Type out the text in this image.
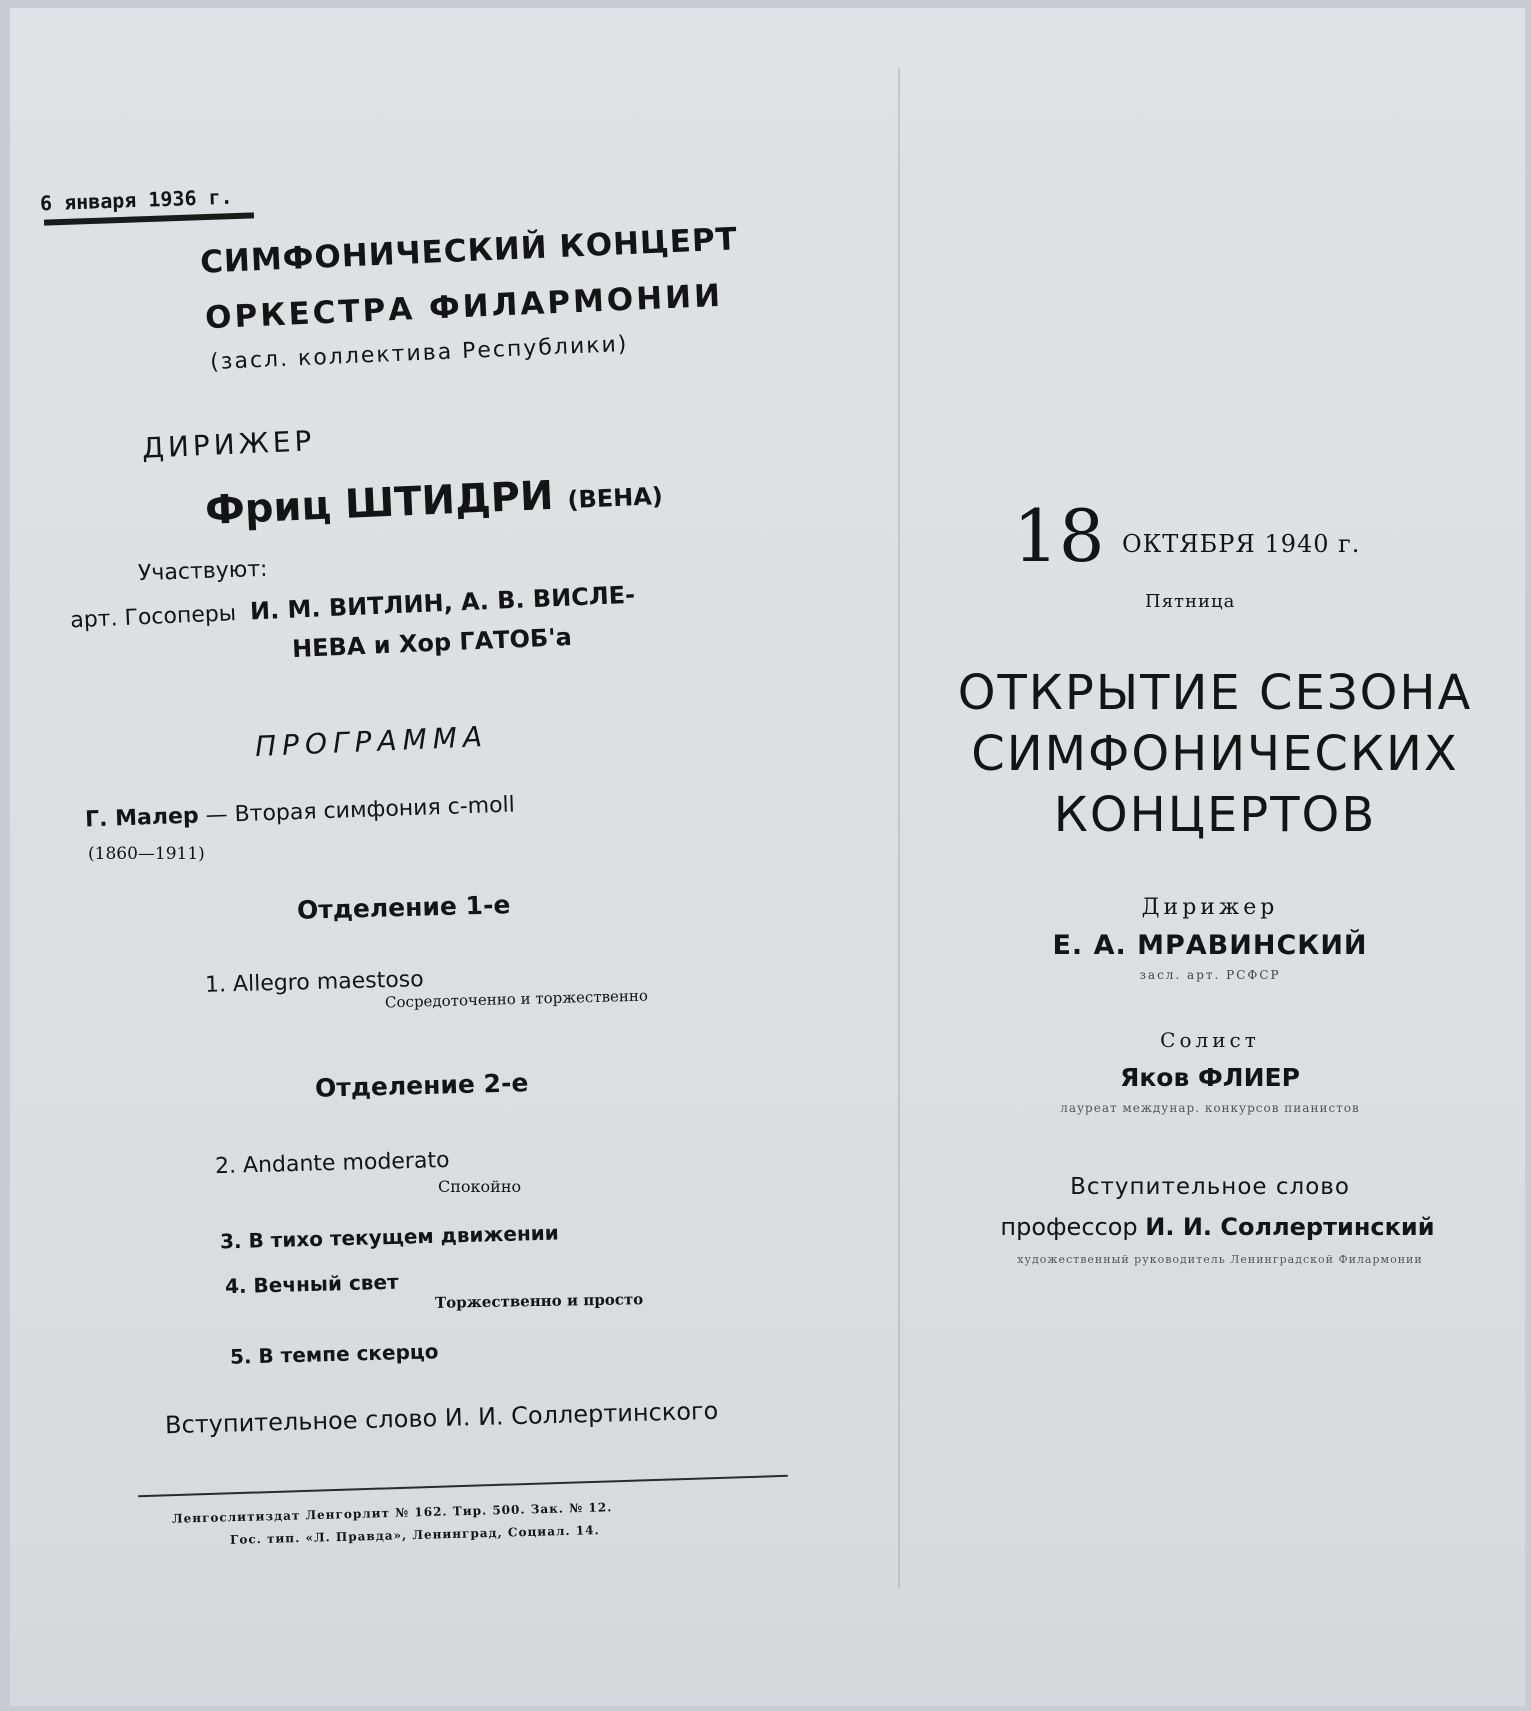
6 января 1936 г.
СИМФОНИЧЕСКИЙ КОНЦЕРТ
ОРКЕСТРА ФИЛАРМОНИИ
(засл. коллектива Республики)
ДИРИЖЕР
Фриц ШТИДРИ (ВЕНА)
Участвуют:
арт. Госоперы И. М. ВИТЛИН, А. В. ВИСЛЕ-
НЕВА и Хор ГАТОБ'а
ПРОГРАММА
Г. Малер — Вторая симфония c-moll
(1860—1911)
Отделение 1-е
1. Allegro maestoso
Сосредоточенно и торжественно
Отделение 2-е
2. Andante moderato
Спокойно
3. В тихо текущем движении
4. Вечный свет
Торжественно и просто
5. В темпе скерцо
Вступительное слово И. И. Соллертинского
Ленгослитиздат Ленгорлит № 162. Тир. 500. Зак. № 12.
Гос. тип. «Л. Правда», Ленинград, Социал. 14.
18 ОКТЯБРЯ 1940 г.
Пятница
ОТКРЫТИЕ СЕЗОНА
СИМФОНИЧЕСКИХ
КОНЦЕРТОВ
Дирижер
Е. А. МРАВИНСКИЙ
засл. арт. РСФСР
Солист
Яков ФЛИЕР
лауреат междунар. конкурсов пианистов
Вступительное слово
профессор И. И. Соллертинский
художественный руководитель Ленинградской Филармонии
